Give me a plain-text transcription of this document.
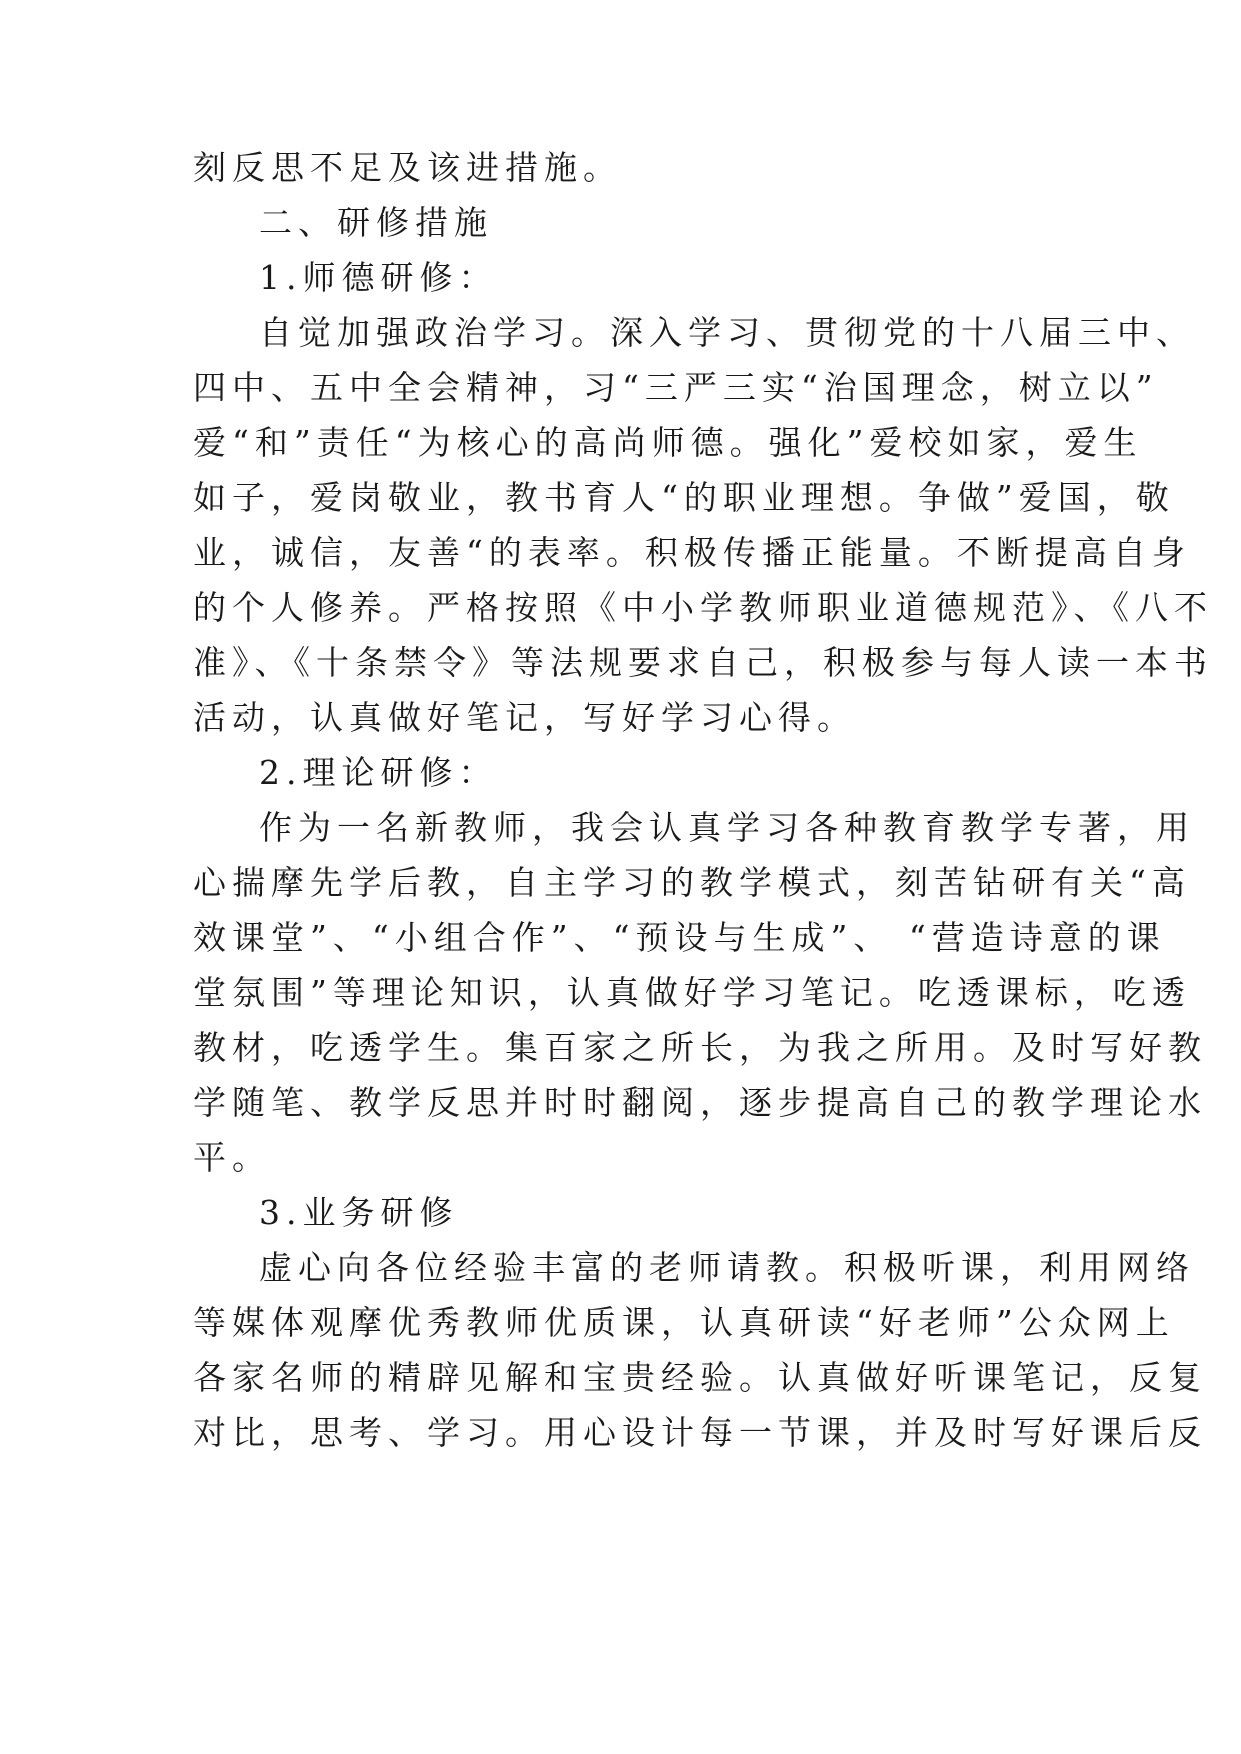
刻反思不足及该进措施。
二、研修措施
1.师德研修：
自觉加强政治学习。深入学习、贯彻党的十八届三中、
四中、五中全会精神，习“三严三实“治国理念，树立以”
爱“和”责任“为核心的高尚师德。强化”爱校如家，爱生
如子，爱岗敬业，教书育人“的职业理想。争做”爱国，敬
业，诚信，友善“的表率。积极传播正能量。不断提高自身
的个人修养。严格按照《中小学教师职业道德规范》、《八不
准》、《十条禁令》等法规要求自己，积极参与每人读一本书
活动，认真做好笔记，写好学习心得。
2.理论研修：
作为一名新教师，我会认真学习各种教育教学专著，用
心揣摩先学后教，自主学习的教学模式，刻苦钻研有关“高
效课堂”、“小组合作”、“预设与生成”、 “营造诗意的课
堂氛围”等理论知识，认真做好学习笔记。吃透课标，吃透
教材，吃透学生。集百家之所长，为我之所用。及时写好教
学随笔、教学反思并时时翻阅，逐步提高自己的教学理论水
平。
3.业务研修
虚心向各位经验丰富的老师请教。积极听课，利用网络
等媒体观摩优秀教师优质课，认真研读“好老师”公众网上
各家名师的精辟见解和宝贵经验。认真做好听课笔记，反复
对比，思考、学习。用心设计每一节课，并及时写好课后反
